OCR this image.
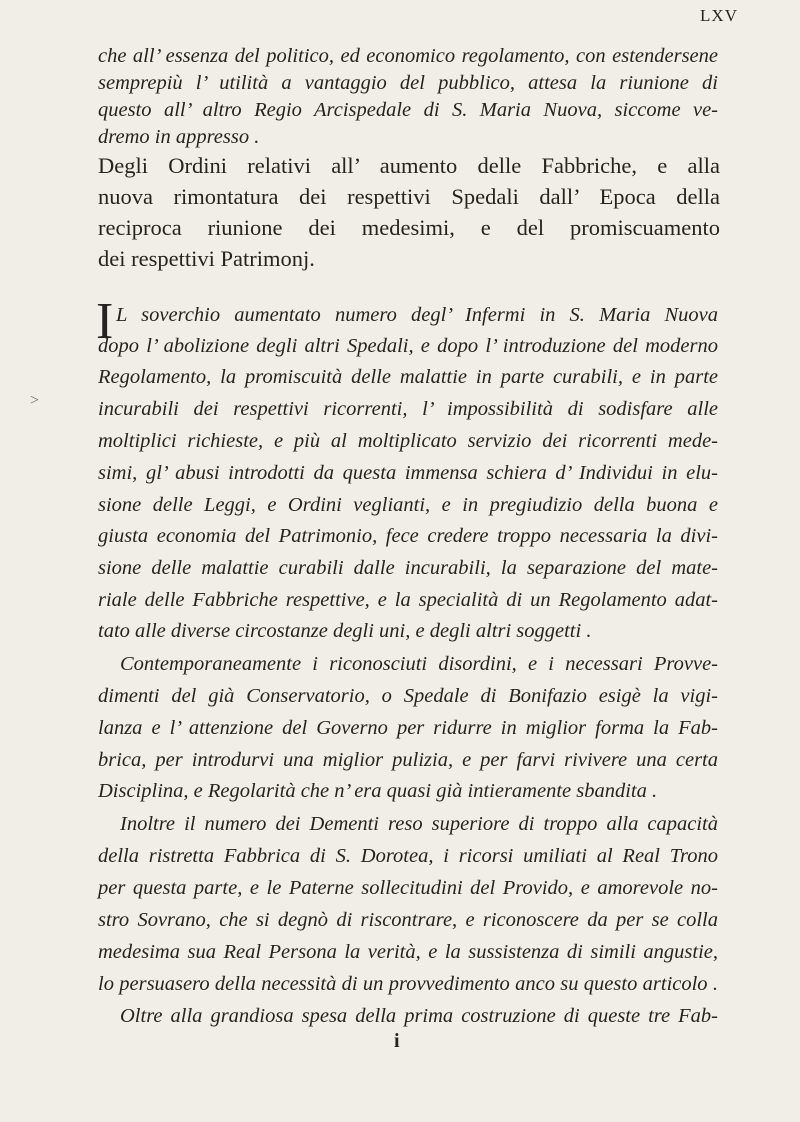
LXV
>
che all’ essenza del politico, ed economico regolamento, con estendersene
semprepiù l’ utilità a vantaggio del pubblico, attesa la riunione di
questo all’ altro Regio Arcispedale di S. Maria Nuova, siccome ve-
dremo in appresso .
Degli Ordini relativi all’ aumento delle Fabbriche, e alla
nuova rimontatura dei respettivi Spedali dall’ Epoca della
reciproca riunione dei medesimi, e del promiscuamento
dei respettivi Patrimonj.
I L soverchio aumentato numero degl’ Infermi in S. Maria Nuova
dopo l’ abolizione degli altri Spedali, e dopo l’ introduzione del moderno
Regolamento, la promiscuità delle malattie in parte curabili, e in parte
incurabili dei respettivi ricorrenti, l’ impossibilità di sodisfare alle
moltiplici richieste, e più al moltiplicato servizio dei ricorrenti mede-
simi, gl’ abusi introdotti da questa immensa schiera d’ Individui in elu-
sione delle Leggi, e Ordini veglianti, e in pregiudizio della buona e
giusta economia del Patrimonio, fece credere troppo necessaria la divi-
sione delle malattie curabili dalle incurabili, la separazione del mate-
riale delle Fabbriche respettive, e la specialità di un Regolamento adat-
tato alle diverse circostanze degli uni, e degli altri soggetti .
Contemporaneamente i riconosciuti disordini, e i necessari Provve-
dimenti del già Conservatorio, o Spedale di Bonifazio esigè la vigi-
lanza e l’ attenzione del Governo per ridurre in miglior forma la Fab-
brica, per introdurvi una miglior pulizia, e per farvi rivivere una certa
Disciplina, e Regolarità che n’ era quasi già intieramente sbandita .
Inoltre il numero dei Dementi reso superiore di troppo alla capacità
della ristretta Fabbrica di S. Dorotea, i ricorsi umiliati al Real Trono
per questa parte, e le Paterne sollecitudini del Provido, e amorevole no-
stro Sovrano, che si degnò di riscontrare, e riconoscere da per se colla
medesima sua Real Persona la verità, e la sussistenza di simili angustie,
lo persuasero della necessità di un provvedimento anco su questo articolo .
Oltre alla grandiosa spesa della prima costruzione di queste tre Fab-
i
